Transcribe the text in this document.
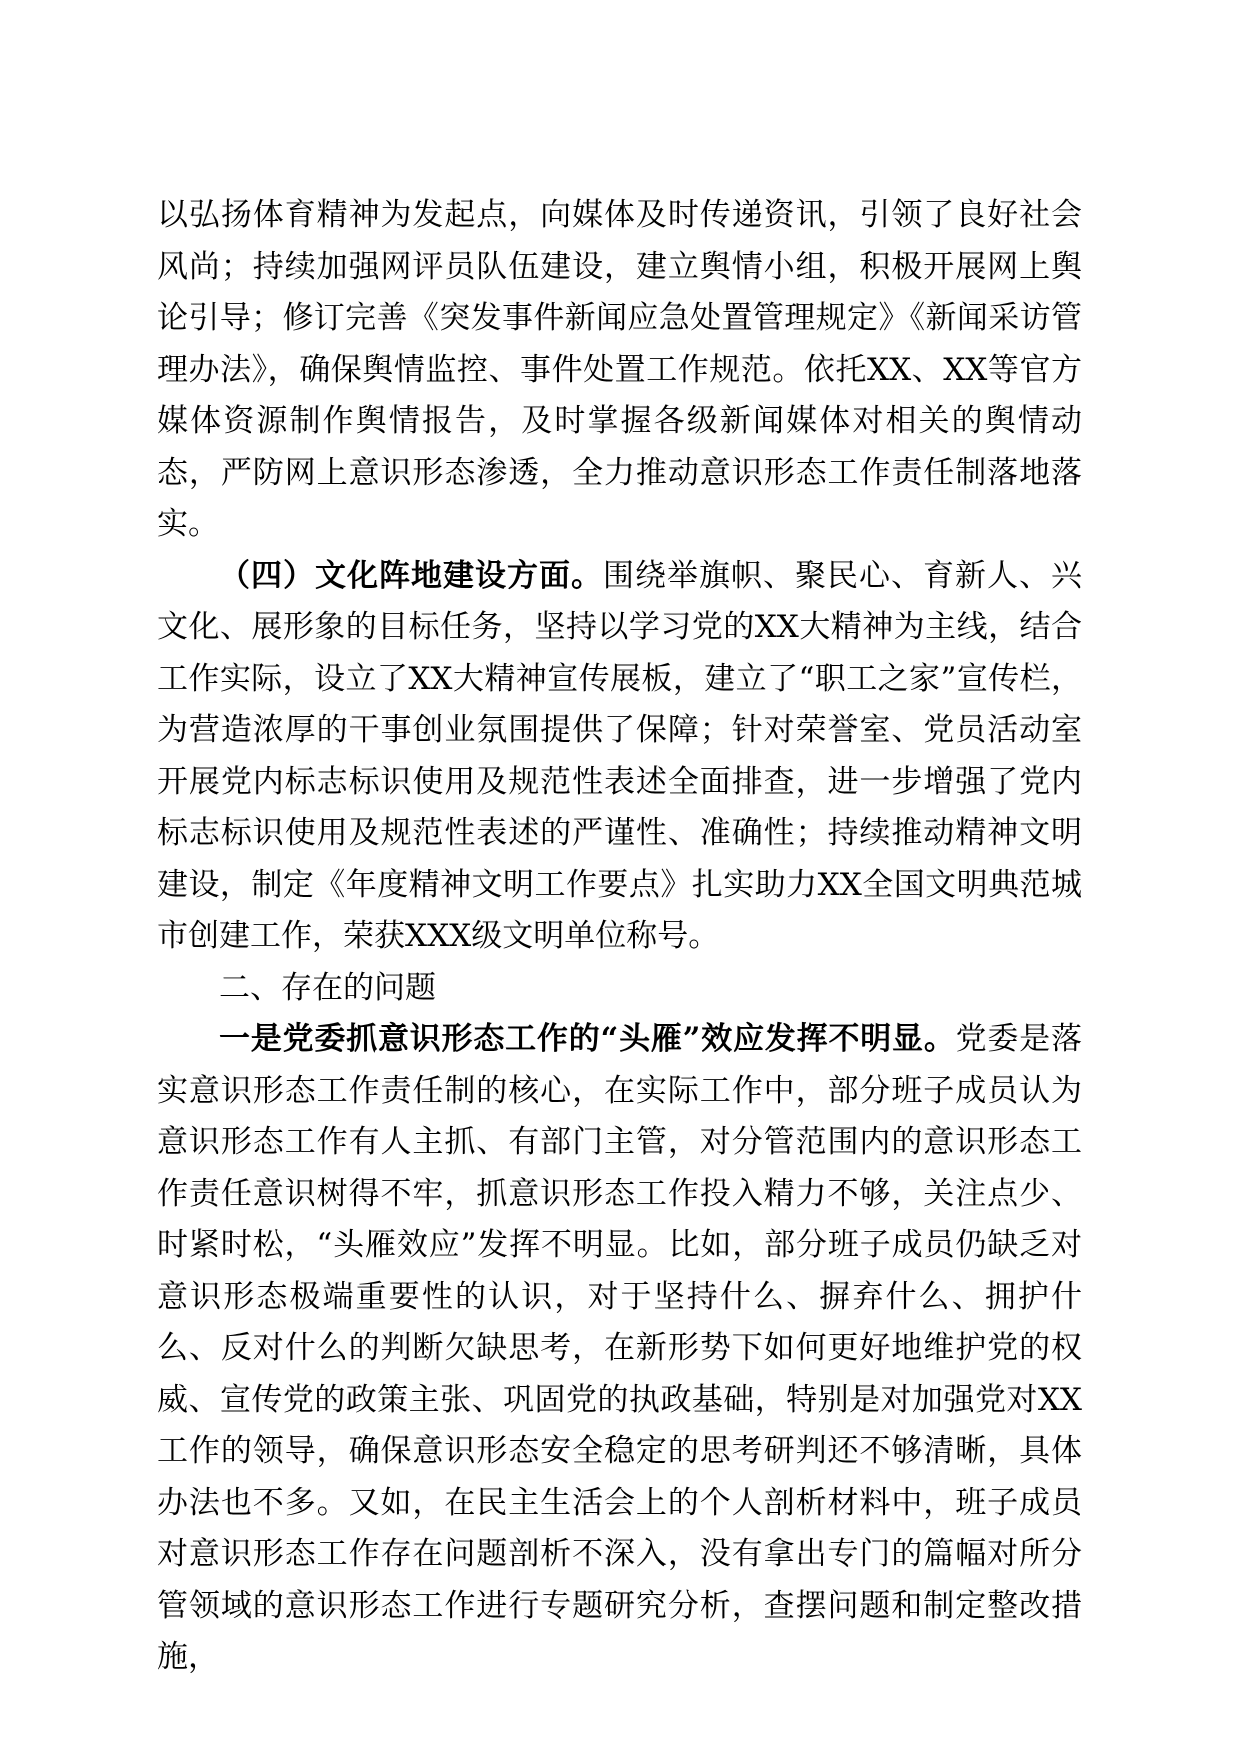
以弘扬体育精神为发起点，向媒体及时传递资讯，引领了良好社会风尚；持续加强网评员队伍建设，建立舆情小组，积极开展网上舆论引导；修订完善《突发事件新闻应急处置管理规定》《新闻采访管理办法》，确保舆情监控、事件处置工作规范。依托XX、XX等官方媒体资源制作舆情报告，及时掌握各级新闻媒体对相关的舆情动态，严防网上意识形态渗透，全力推动意识形态工作责任制落地落实。

（四）文化阵地建设方面。围绕举旗帜、聚民心、育新人、兴文化、展形象的目标任务，坚持以学习党的XX大精神为主线，结合工作实际，设立了XX大精神宣传展板，建立了“职工之家”宣传栏，为营造浓厚的干事创业氛围提供了保障；针对荣誉室、党员活动室开展党内标志标识使用及规范性表述全面排查，进一步增强了党内标志标识使用及规范性表述的严谨性、准确性；持续推动精神文明建设，制定《年度精神文明工作要点》扎实助力XX全国文明典范城市创建工作，荣获XXX级文明单位称号。

二、存在的问题

一是党委抓意识形态工作的“头雁”效应发挥不明显。党委是落实意识形态工作责任制的核心，在实际工作中，部分班子成员认为意识形态工作有人主抓、有部门主管，对分管范围内的意识形态工作责任意识树得不牢，抓意识形态工作投入精力不够，关注点少、时紧时松，“头雁效应”发挥不明显。比如，部分班子成员仍缺乏对意识形态极端重要性的认识，对于坚持什么、摒弃什么、拥护什么、反对什么的判断欠缺思考，在新形势下如何更好地维护党的权威、宣传党的政策主张、巩固党的执政基础，特别是对加强党对XX工作的领导，确保意识形态安全稳定的思考研判还不够清晰，具体办法也不多。又如，在民主生活会上的个人剖析材料中，班子成员对意识形态工作存在问题剖析不深入，没有拿出专门的篇幅对所分管领域的意识形态工作进行专题研究分析，查摆问题和制定整改措施，
